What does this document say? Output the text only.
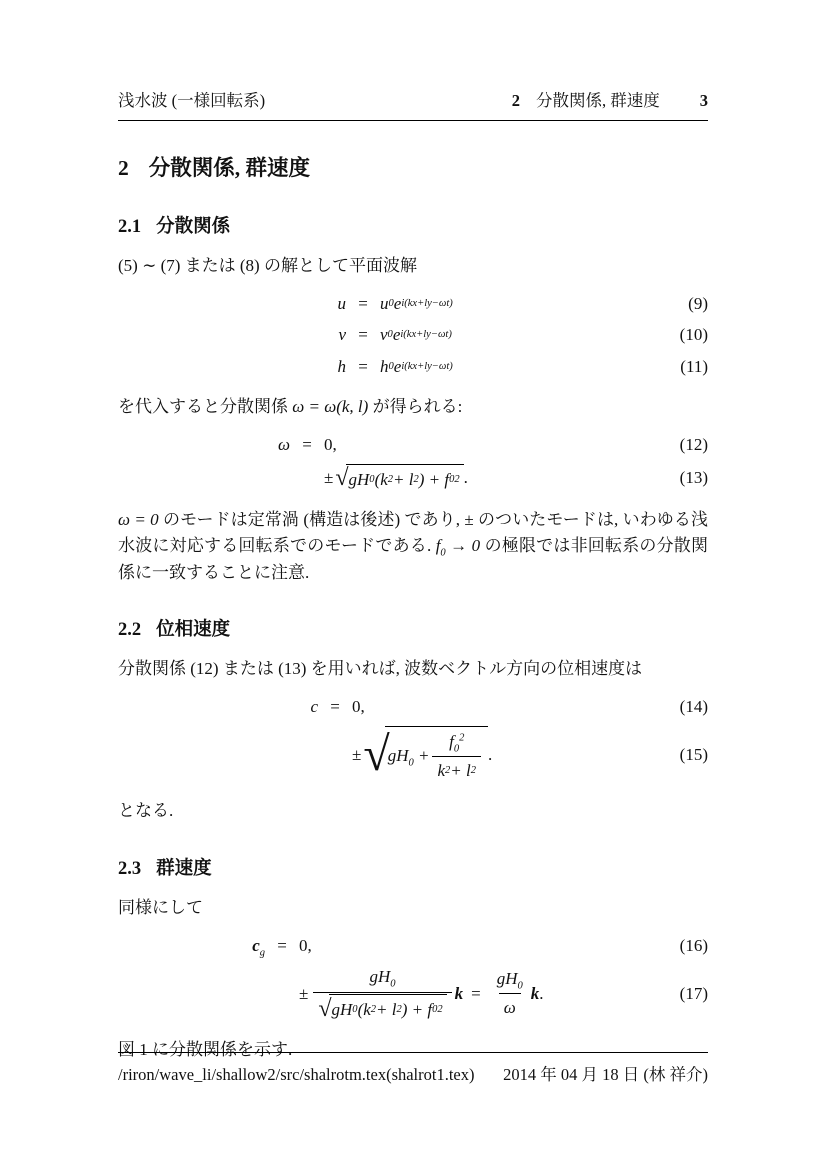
浅水波 (一様回転系)	2 分散関係, 群速度 3
2 分散関係, 群速度
2.1 分散関係

(5) ∼ (7) または (8) の解として平面波解

u = u 0 e i(kx+ly−ωt)	(9)
v = v 0 e i(kx+ly−ωt)	(10)
h = h 0 e i(kx+ly−ωt)	(11)

を代入すると分散関係 ω = ω(k, l) が得られる:

ω = 0,	(12)
± √ gH 0 (k 2 + l 2 ) + f 0 2 .	(13)

ω = 0 のモードは定常渦 (構造は後述) であり, ± のついたモードは, いわゆる浅水波に対応する回転系でのモードである. $f_0 \to 0$ の極限では非回転系の分散関係に一致することに注意.

2.2 位相速度

分散関係 (12) または (13) を用いれば, 波数ベクトル方向の位相速度は

c = 0,	(14)
± √
$gH_0 + \frac{f_0^2}{k 2 + l 2}$ .	(15)

となる.

2.3 群速度

同様にして

$c_g = 0$,	(16)
± $\frac{gH_0}{√ gH 0 (k 2 + l 2 ) + f 0 2}$ $k = \frac{gH_0}{\omega}$ k .	(17)

図 1 に分散関係を示す.

/riron/wave_li/shallow2/src/shalrotm.tex(shalrot1.tex) 2014 年 04 月 18 日 (林 祥介)
